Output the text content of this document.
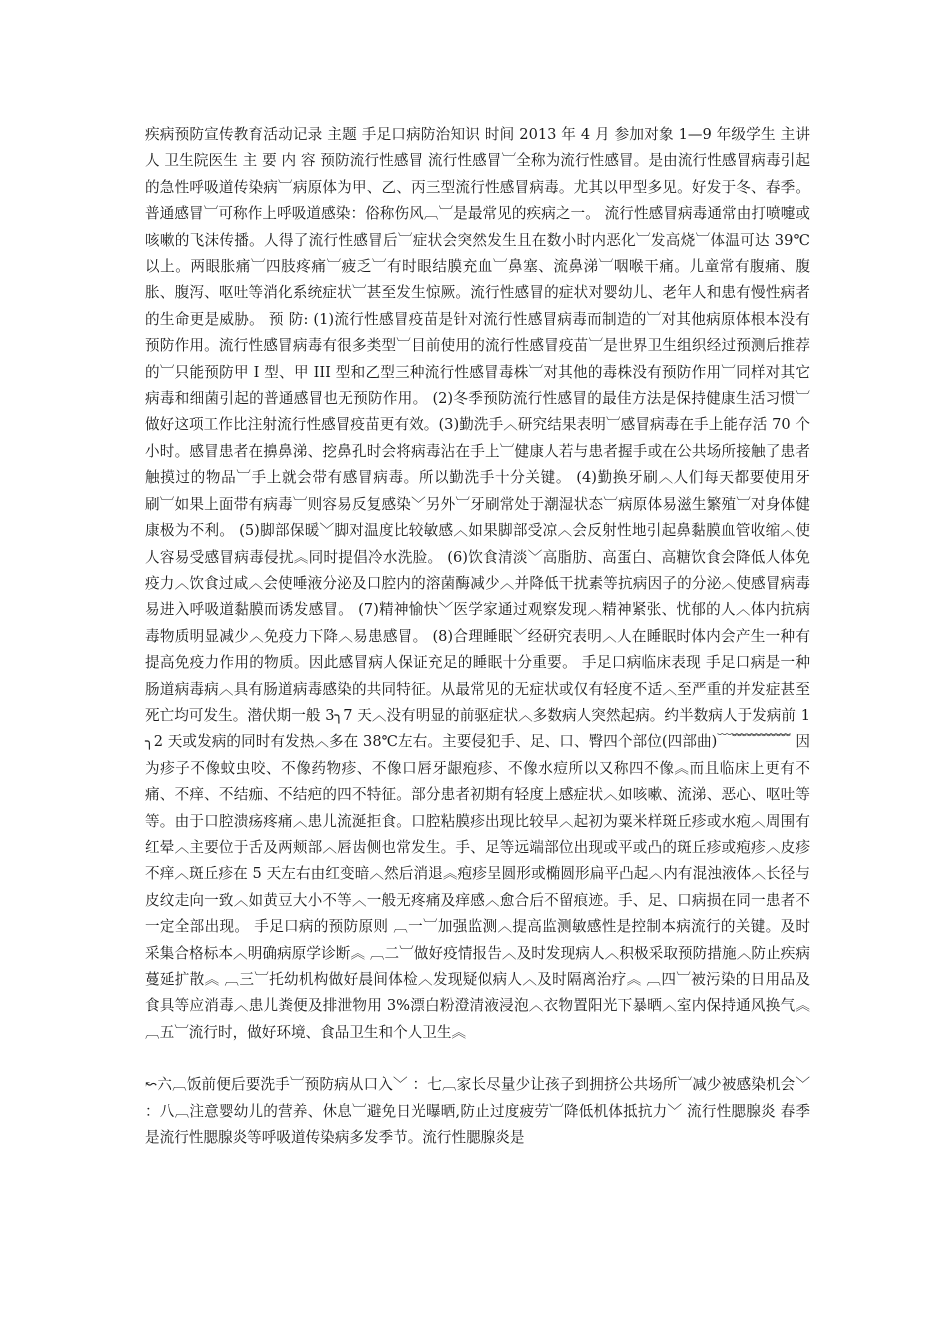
疾病预防宣传教育活动记录 主题 手足口病防治知识 时间 2013 年 4 月 参加对象 1—9 年级学生 主讲人 卫生院医生 主 要 内 容 预防流行性感冒 流行性感冒︺全称为流行性感冒。是由流行性感冒病毒引起的急性呼吸道传染病︺病原体为甲、乙、丙三型流行性感冒病毒。尤其以甲型多见。好发于冬、春季。普通感冒︺可称作上呼吸道感染：俗称伤风︹︺是最常见的疾病之一。 流行性感冒病毒通常由打喷嚏或咳嗽的飞沫传播。人得了流行性感冒后︺症状会突然发生且在数小时内恶化︺发高烧︺体温可达 39℃以上。两眼胀痛︺四肢疼痛︺疲乏︺有时眼结膜充血︺鼻塞、流鼻涕︺咽喉干痛。儿童常有腹痛、腹胀、腹泻、呕吐等消化系统症状︺甚至发生惊厥。流行性感冒的症状对婴幼儿、老年人和患有慢性病者的生命更是威胁。 预 防: (1)流行性感冒疫苗是针对流行性感冒病毒而制造的︺对其他病原体根本没有预防作用。流行性感冒病毒有很多类型︺目前使用的流行性感冒疫苗︺是世界卫生组织经过预测后推荐的︺只能预防甲 I 型、甲 III 型和乙型三种流行性感冒毒株︺对其他的毒株没有预防作用︺同样对其它病毒和细菌引起的普通感冒也无预防作用。 (2)冬季预防流行性感冒的最佳方法是保持健康生活习惯︺做好这项工作比注射流行性感冒疫苗更有效。(3)勤洗手︿研究结果表明︺感冒病毒在手上能存活 70 个小时。感冒患者在擤鼻涕、挖鼻孔时会将病毒沾在手上︺健康人若与患者握手或在公共场所接触了患者触摸过的物品︺手上就会带有感冒病毒。所以勤洗手十分关键。 (4)勤换牙刷︿人们每天都要使用牙刷︺如果上面带有病毒︺则容易反复感染﹀另外︺牙刷常处于潮湿状态︺病原体易滋生繁殖︺对身体健康极为不利。 (5)脚部保暖﹀脚对温度比较敏感︿如果脚部受凉︿会反射性地引起鼻黏膜血管收缩︿使人容易受感冒病毒侵扰︽同时提倡冷水洗脸。 (6)饮食清淡﹀高脂肪、高蛋白、高糖饮食会降低人体免疫力︿饮食过咸︿会使唾液分泌及口腔内的溶菌酶减少︿并降低干扰素等抗病因子的分泌︿使感冒病毒易进入呼吸道黏膜而诱发感冒。 (7)精神愉快﹀医学家通过观察发现︿精神紧张、忧郁的人︿体内抗病毒物质明显减少︿免疫力下降︿易患感冒。 (8)合理睡眠﹀经研究表明︿人在睡眠时体内会产生一种有提高免疫力作用的物质。因此感冒病人保证充足的睡眠十分重要。 手足口病临床表现 手足口病是一种肠道病毒病︿具有肠道病毒感染的共同特征。从最常见的无症状或仅有轻度不适︿至严重的并发症甚至死亡均可发生。潜伏期一般 3╮7 天︿没有明显的前驱症状︿多数病人突然起病。约半数病人于发病前 1╮2 天或发病的同时有发热︿多在 38℃左右。主要侵犯手、足、口、臀四个部位(四部曲)﹋﹌﹌﹌﹌ 因为疹子不像蚊虫咬、不像药物疹、不像口唇牙龈疱疹、不像水痘所以又称四不像︽而且临床上更有不痛、不痒、不结痂、不结疤的四不特征。部分患者初期有轻度上感症状︿如咳嗽、流涕、恶心、呕吐等等。由于口腔溃疡疼痛︿患儿流涎拒食。口腔粘膜疹出现比较早︿起初为粟米样斑丘疹或水疱︿周围有红晕︿主要位于舌及两颊部︿唇齿侧也常发生。手、足等远端部位出现或平或凸的斑丘疹或疱疹︿皮疹不痒︿斑丘疹在 5 天左右由红变暗︿然后消退︽疱疹呈圆形或椭圆形扁平凸起︿内有混浊液体︿长径与皮纹走向一致︿如黄豆大小不等︿一般无疼痛及痒感︿愈合后不留痕迹。手、足、口病损在同一患者不一定全部出现。 手足口病的预防原则 ︹一︺加强监测︿提高监测敏感性是控制本病流行的关键。及时采集合格标本︿明确病原学诊断︽ ︹二︺做好疫情报告︿及时发现病人︿积极采取预防措施︿防止疾病蔓延扩散︽ ︹三︺托幼机构做好晨间体检︿发现疑似病人︿及时隔离治疗︽ ︹四︺被污染的日用品及食具等应消毒︿患儿粪便及排泄物用 3%漂白粉澄清液浸泡︿衣物置阳光下暴晒︿室内保持通风换气︽ ︹五︺流行时，做好环境、食品卫生和个人卫生︽

↜六︹饭前便后要洗手︺预防病从口入﹀ ：七︹家长尽量少让孩子到拥挤公共场所︺减少被感染机会﹀ ：八︹注意婴幼儿的营养、休息︺避免日光曝晒,防止过度疲劳︺降低机体抵抗力﹀ 流行性腮腺炎 春季是流行性腮腺炎等呼吸道传染病多发季节。流行性腮腺炎是
